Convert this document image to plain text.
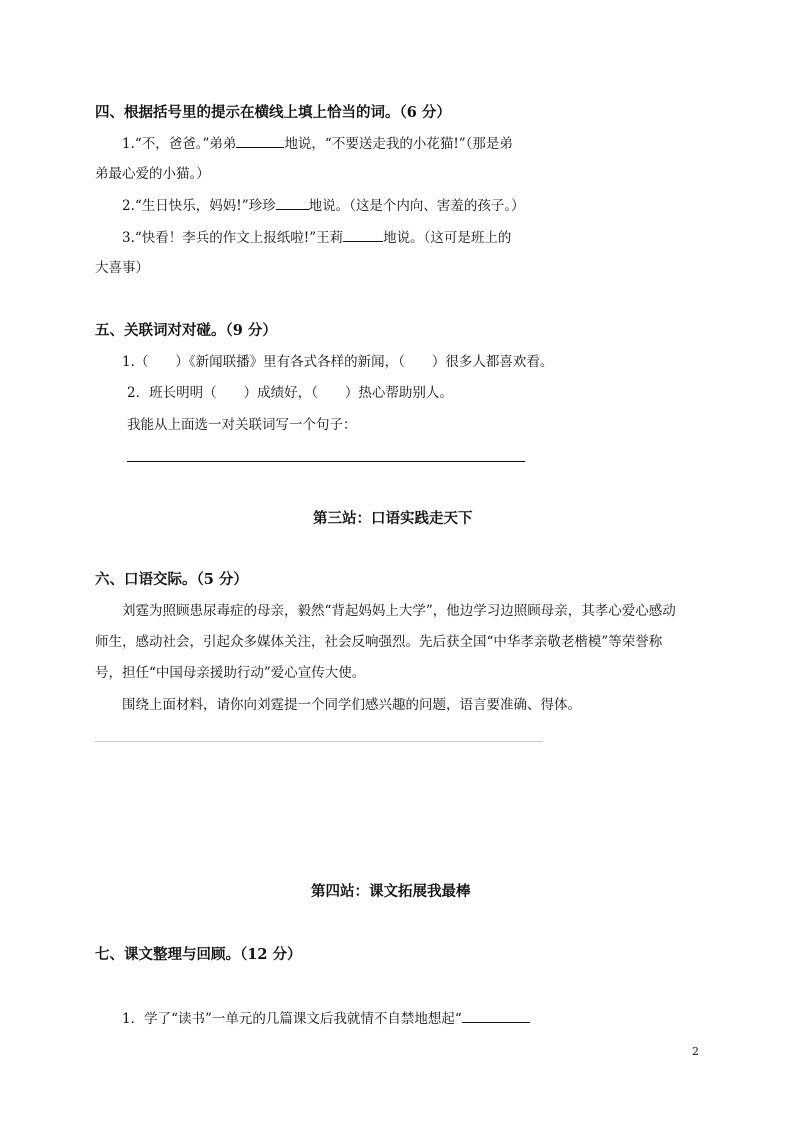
四、根据括号里的提示在横线上填上恰当的词。（6 分）
1.“不，爸爸。”弟弟	地说，“不要送走我的小花猫!”（那是弟
弟最心爱的小猫。）
2.“生日快乐，妈妈!”珍珍 地说。（这是个内向、害羞的孩子。）
3.“快看！李兵的作文上报纸啦!”王莉	地说。（这可是班上的
大喜事）
五、关联词对对碰。（9 分）
1.（　　）《新闻联播》里有各式各样的新闻，（　　）很多人都喜欢看。
2．班长明明（　　）成绩好，（　　）热心帮助别人。
我能从上面选一对关联词写一个句子：
第三站：口语实践走天下
六、口语交际。（5 分）
刘霆为照顾患尿毒症的母亲，毅然“背起妈妈上大学”，他边学习边照顾母亲，其孝心爱心感动
师生，感动社会，引起众多媒体关注，社会反响强烈。先后获全国“中华孝亲敬老楷模”等荣誉称
号，担任“中国母亲援助行动”爱心宣传大使。
围绕上面材料，请你向刘霆提一个同学们感兴趣的问题，语言要准确、得体。
第四站：课文拓展我最棒
七、课文整理与回顾。（12 分）
1．学了“读书”一单元的几篇课文后我就情不自禁地想起“
2
